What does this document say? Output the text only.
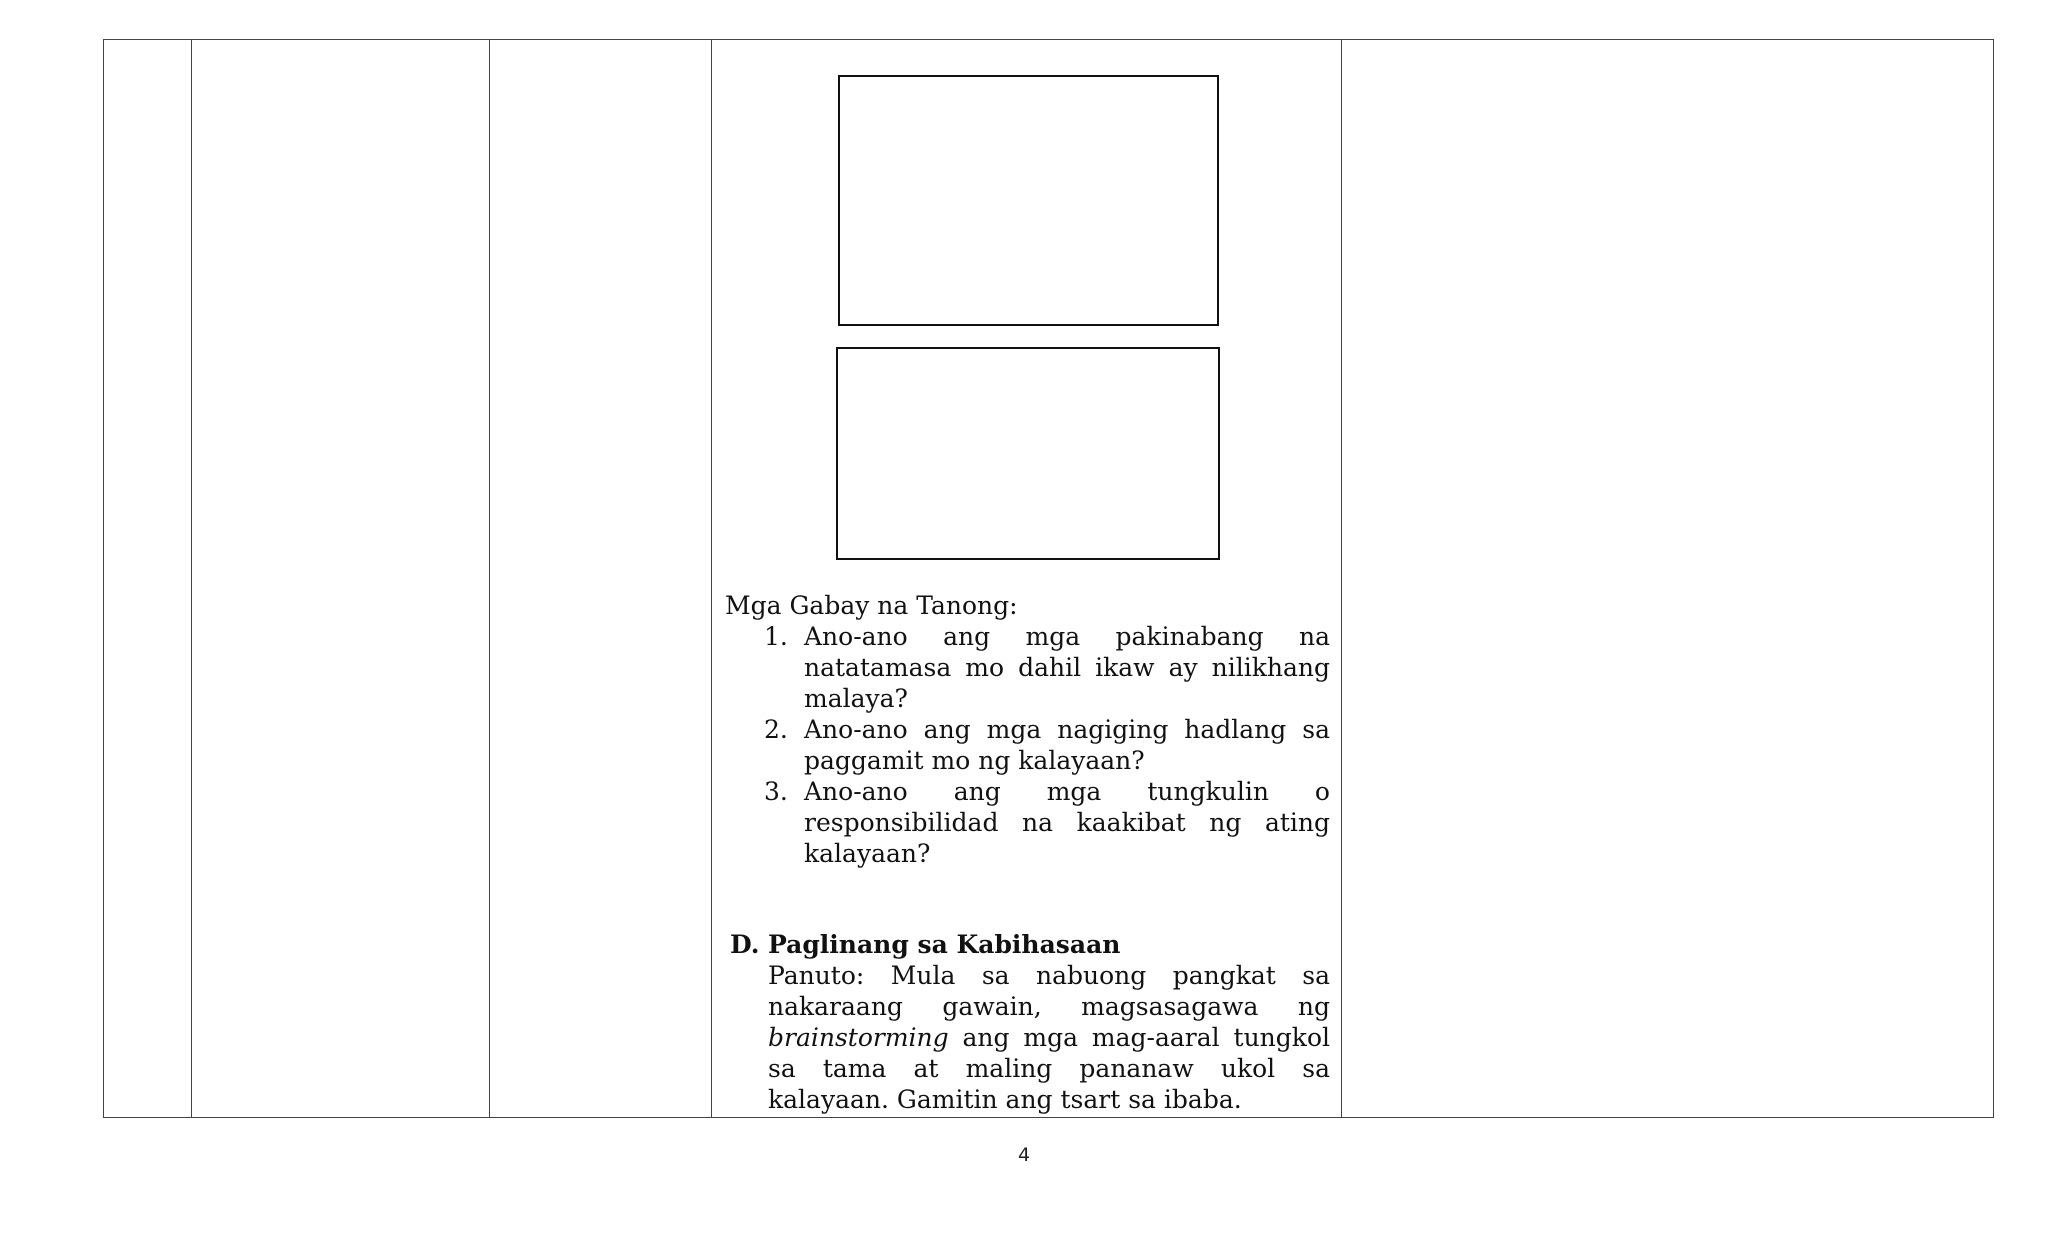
Mga Gabay na Tanong:
1. Ano-ano ang mga pakinabang na natatamasa mo dahil ikaw ay nilikhang malaya?
2. Ano-ano ang mga nagiging hadlang sa paggamit mo ng kalayaan?
3. Ano-ano ang mga tungkulin o responsibilidad na kaakibat ng ating kalayaan?
D. Paglinang sa Kabihasaan
Panuto: Mula sa nabuong pangkat sa nakaraang gawain, magsasagawa ng brainstorming ang mga mag-aaral tungkol sa tama at maling pananaw ukol sa kalayaan. Gamitin ang tsart sa ibaba.
4
